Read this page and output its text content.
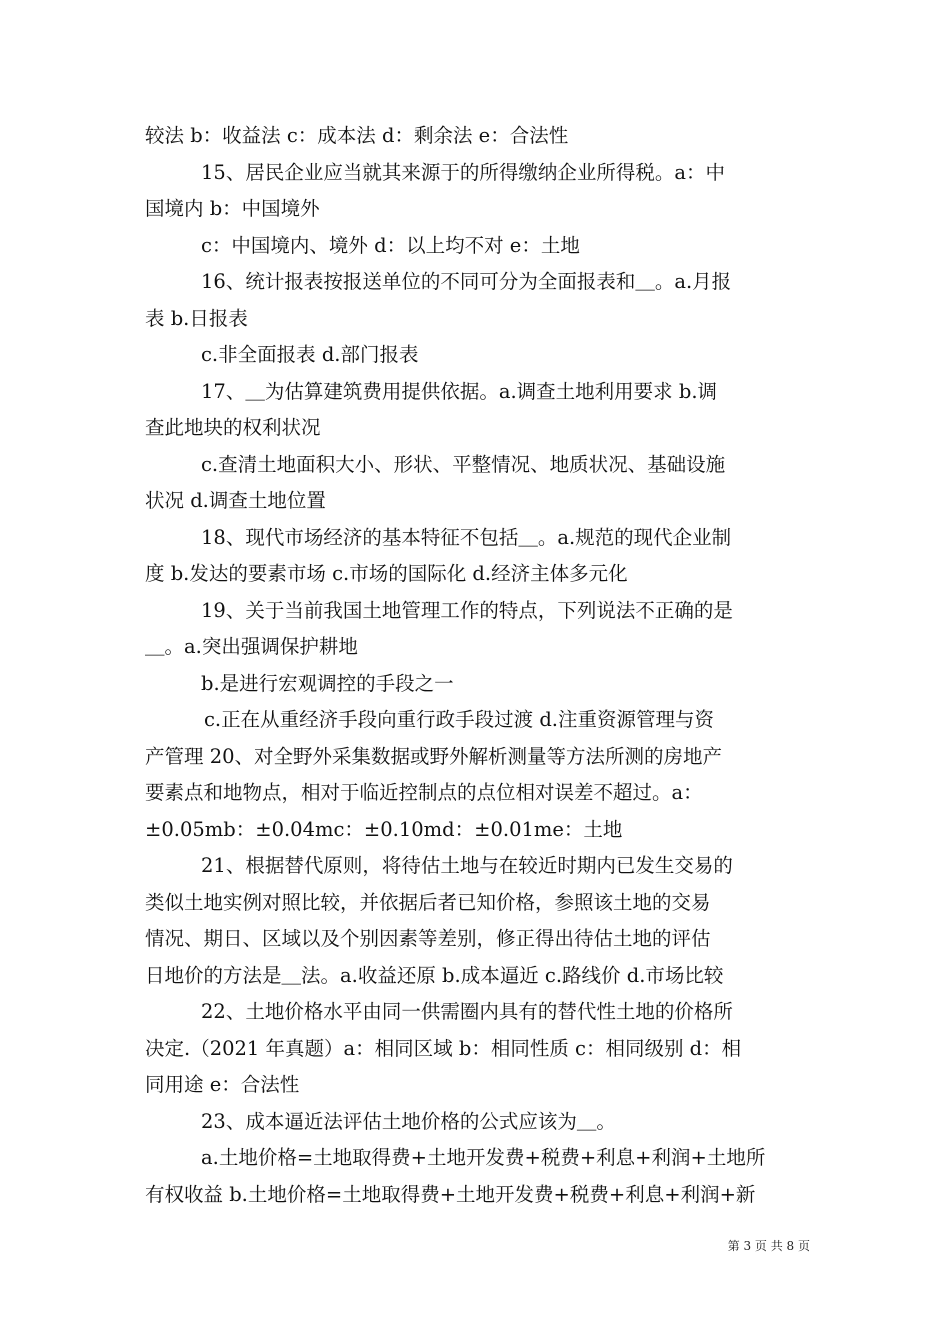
较法 b：收益法 c：成本法 d：剩余法 e：合法性
15、居民企业应当就其来源于的所得缴纳企业所得税。a：中
国境内 b：中国境外
c：中国境内、境外 d：以上均不对 e：土地
16、统计报表按报送单位的不同可分为全面报表和＿。a.月报
表 b.日报表
c.非全面报表 d.部门报表
17、＿为估算建筑费用提供依据。a.调查土地利用要求 b.调
查此地块的权利状况
c.查清土地面积大小、形状、平整情况、地质状况、基础设施
状况 d.调查土地位置
18、现代市场经济的基本特征不包括＿。a.规范的现代企业制
度 b.发达的要素市场 c.市场的国际化 d.经济主体多元化
19、关于当前我国土地管理工作的特点，下列说法不正确的是
＿。a.突出强调保护耕地
b.是进行宏观调控的手段之一
c.正在从重经济手段向重行政手段过渡 d.注重资源管理与资
产管理 20、对全野外采集数据或野外解析测量等方法所测的房地产
要素点和地物点，相对于临近控制点的点位相对误差不超过。a：
±0.05mb：±0.04mc：±0.10md：±0.01me：土地
21、根据替代原则，将待估土地与在较近时期内已发生交易的
类似土地实例对照比较，并依据后者已知价格，参照该土地的交易
情况、期日、区域以及个别因素等差别，修正得出待估土地的评估
日地价的方法是＿法。a.收益还原 b.成本逼近 c.路线价 d.市场比较
22、土地价格水平由同一供需圈内具有的替代性土地的价格所
决定.（2021 年真题）a：相同区域 b：相同性质 c：相同级别 d：相
同用途 e：合法性
23、成本逼近法评估土地价格的公式应该为＿。
a.土地价格=土地取得费+土地开发费+税费+利息+利润+土地所
有权收益 b.土地价格=土地取得费+土地开发费+税费+利息+利润+新
第 3 页 共 8 页
